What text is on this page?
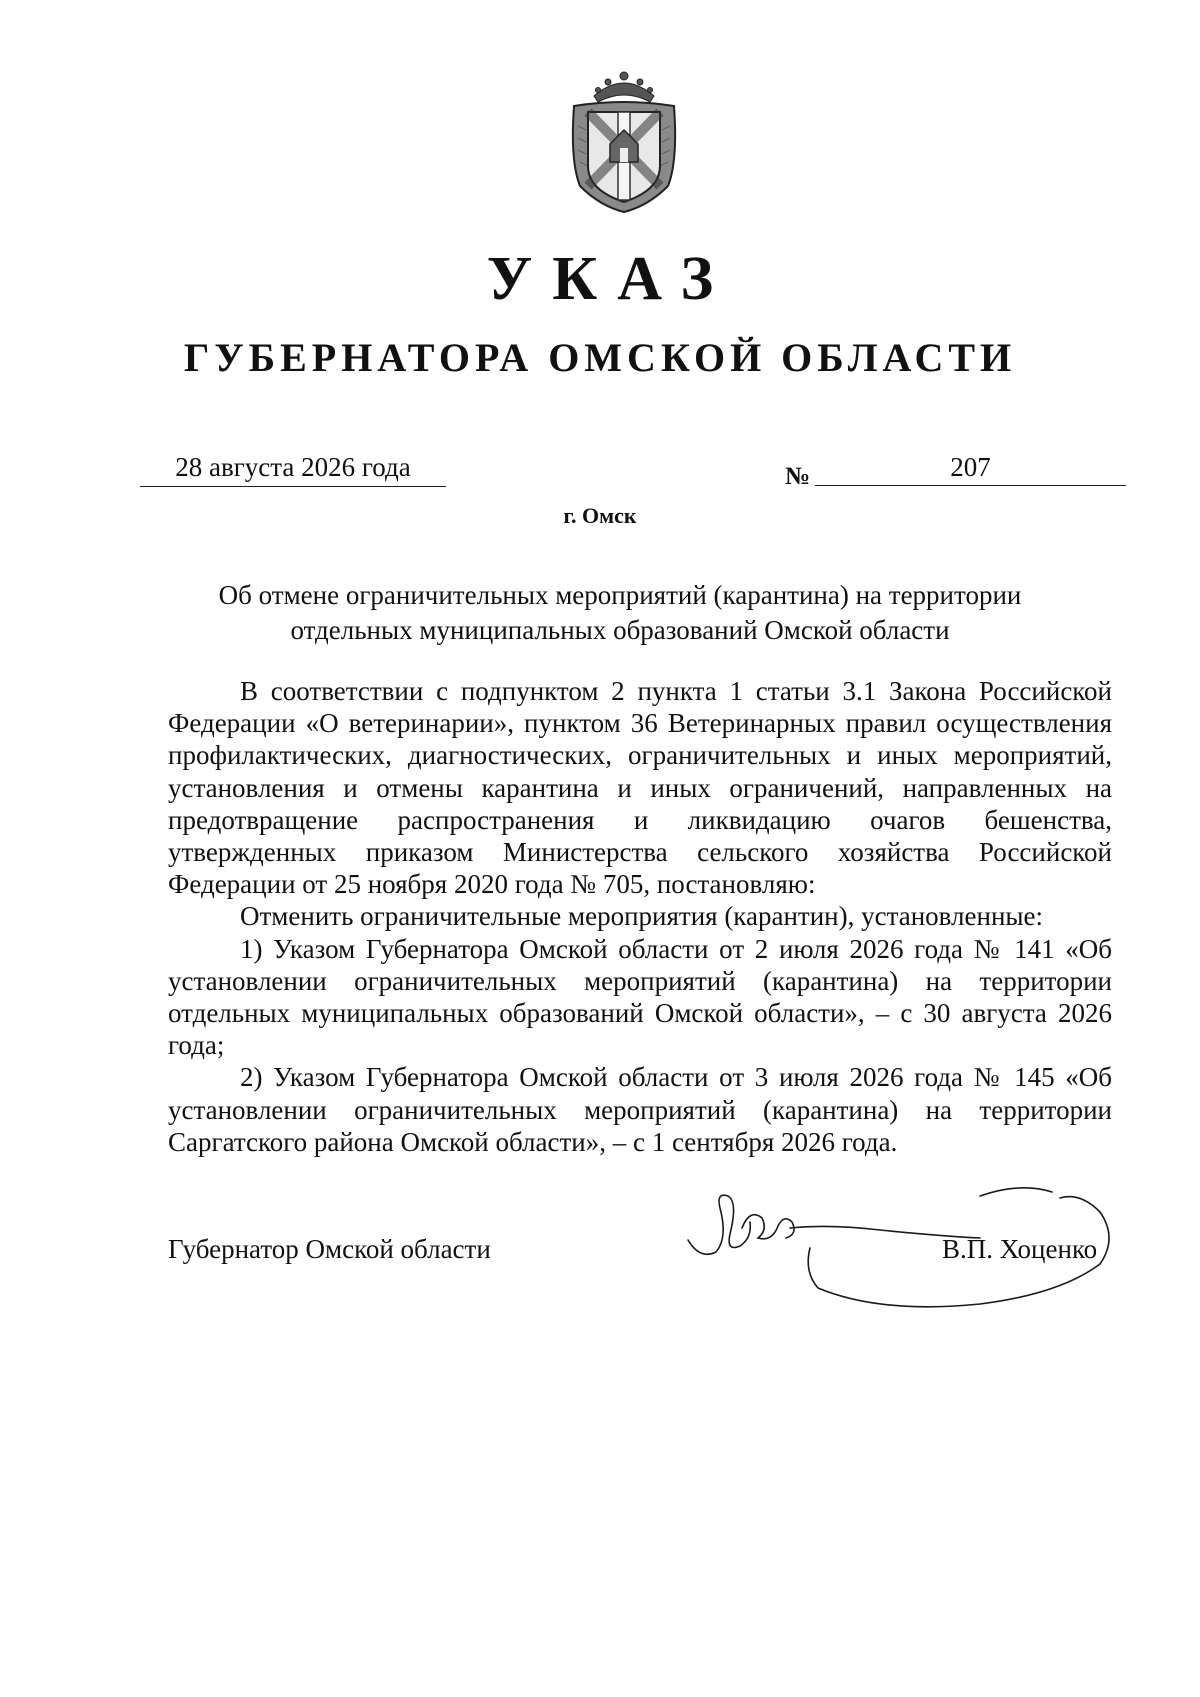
УКАЗ
ГУБЕРНАТОРА ОМСКОЙ ОБЛАСТИ
28 августа 2026 года	№	207
г. Омск
Об отмене ограничительных мероприятий (карантина) на территории
отдельных муниципальных образований Омской области

В соответствии с подпунктом 2 пункта 1 статьи 3.1 Закона Российской Федерации «О ветеринарии», пунктом 36 Ветеринарных правил осуществления профилактических, диагностических, ограничительных и иных мероприятий, установления и отмены карантина и иных ограничений, направленных на предотвращение распространения и ликвидацию очагов бешенства, утвержденных приказом Министерства сельского хозяйства Российской Федерации от 25 ноября 2020 года № 705, постановляю:

Отменить ограничительные мероприятия (карантин), установленные:

1) Указом Губернатора Омской области от 2 июля 2026 года № 141 «Об установлении ограничительных мероприятий (карантина) на территории отдельных муниципальных образований Омской области», – с 30 августа 2026 года;

2) Указом Губернатора Омской области от 3 июля 2026 года № 145 «Об установлении ограничительных мероприятий (карантина) на территории Саргатского района Омской области», – с 1 сентября 2026 года.

Губернатор Омской области	В.П. Хоценко
